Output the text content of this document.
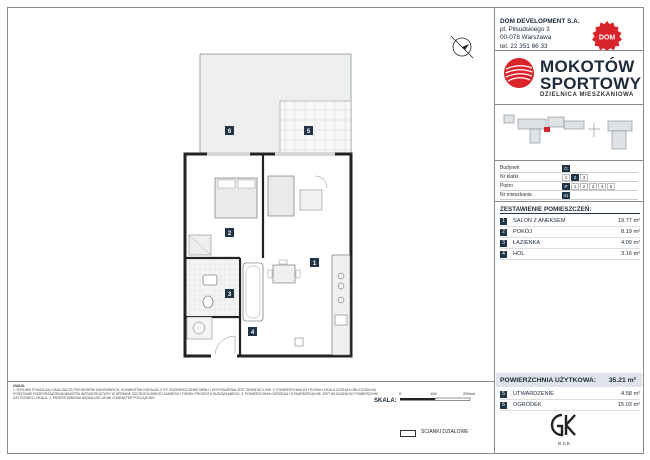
DOM DEVELOPMENT S.A.
pl. Piłsudskiego 3
00-078 Warszawa
tel. 22 351 66 33
DOM
MOKOTÓW
SPORTOWY
DZIELNICA MIESZKANIOWA
Budynek	G
Nr klatki	1	2	3
Piętro	P	1	2	3	4	5
Nr mieszkania	41
ZESTAWIENIE POMIESZCZEŃ:
1	SALON Z ANEKSEM	19.77 m²
2	POKÓJ	8.19 m²
3	ŁAZIENKA	4.09 m²
4	HOL	3.16 m²
POWIERZCHNIA UŻYTKOWA:	35.21 m²
5	UTWARDZENIE	4.58 m²
6	OGRÓDEK	15.03 m²
G C K
UWAGI:
1. RYSUNKI POKAZUJĄ LOKALIZACJĘ PRZYBORÓW SANITARNYCH, ELEMENTÓW INSTALACJI ITP. ROZMIESZCZENIE MEBLI I WYPOSAŻENIA JEST ORIENTACYJNE. 2. POWIERZCHNIA UŻYTKOWA LOKALU ZOSTAŁA OBLICZONA NA PODSTAWIE ROZPORZĄDZENIA MINISTRA INFRASTRUKTURY W SPRAWIE SZCZEGÓŁOWEGO ZAKRESU I FORMY PROJEKTU BUDOWLANEGO. 3. POWIERZCHNIA OGRÓDKA I UTWARDZENIA NIE JEST WLICZANA DO POWIERZCHNI UŻYTKOWEJ LOKALU. 4. PRZEDSTAWIONA WIZUALIZACJA MA CHARAKTER POGLĄDOWY.	SKALA:
0	100	200cm
ŚCIANKI DZIAŁOWE
1
2
3
4
5
6
